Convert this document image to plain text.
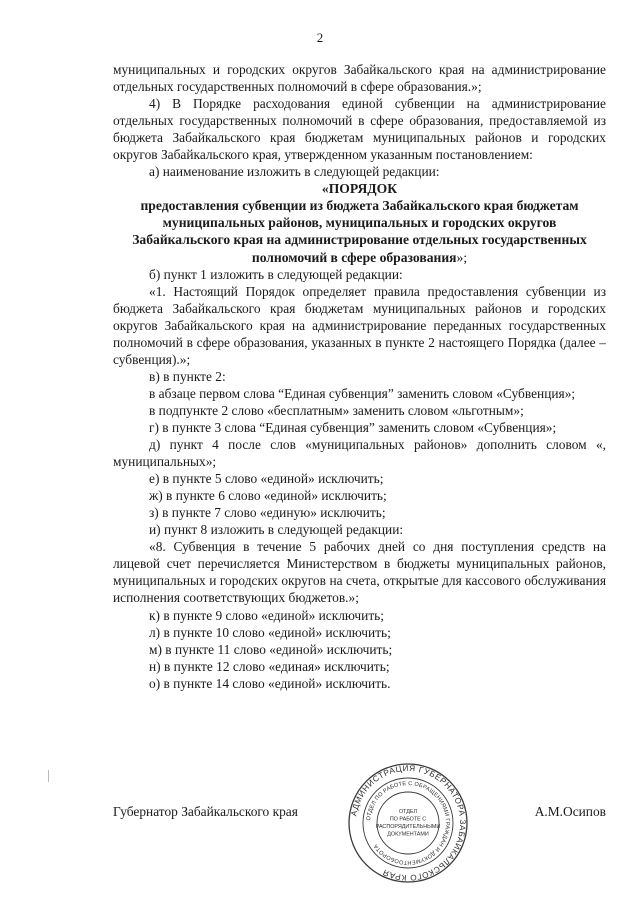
2

муниципальных и городских округов Забайкальского края на администрирование отдельных государственных полномочий в сфере образования.»;

4) В Порядке расходования единой субвенции на администрирование отдельных государственных полномочий в сфере образования, предоставляемой из бюджета Забайкальского края бюджетам муниципальных районов и городских округов Забайкальского края, утвержденном указанным постановлением:

а) наименование изложить в следующей редакции:

«ПОРЯДОК

предоставления субвенции из бюджета Забайкальского края бюджетам муниципальных районов, муниципальных и городских округов Забайкальского края на администрирование отдельных государственных полномочий в сфере образования»;

б) пункт 1 изложить в следующей редакции:

«1. Настоящий Порядок определяет правила предоставления субвенции из бюджета Забайкальского края бюджетам муниципальных районов и городских округов Забайкальского края на администрирование переданных государственных полномочий в сфере образования, указанных в пункте 2 настоящего Порядка (далее – субвенция).»;

в) в пункте 2:

в абзаце первом слова “Единая субвенция” заменить словом «Субвенция»;

в подпункте 2 слово «бесплатным» заменить словом «льготным»;

г) в пункте 3 слова “Единая субвенция” заменить словом «Субвенция»;

д) пункт 4 после слов «муниципальных районов» дополнить словом «, муниципальных»;

е) в пункте 5 слово «единой» исключить;

ж) в пункте 6 слово «единой» исключить;

з) в пункте 7 слово «единую» исключить;

и) пункт 8 изложить в следующей редакции:

«8. Субвенция в течение 5 рабочих дней со дня поступления средств на лицевой счет перечисляется Министерством в бюджеты муниципальных районов, муниципальных и городских округов на счета, открытые для кассового обслуживания исполнения соответствующих бюджетов.»;

к) в пункте 9 слово «единой» исключить;

л) в пункте 10 слово «единой» исключить;

м) в пункте 11 слово «единой» исключить;

н) в пункте 12 слово «единая» исключить;

о) в пункте 14 слово «единой» исключить.

Губернатор Забайкальского края	А.М.Осипов
АДМИНИСТРАЦИЯ ГУБЕРНАТОРА ЗАБАЙКАЛЬСКОГО КРАЯ
ОТДЕЛ ПО РАБОТЕ С ОБРАЩЕНИЯМИ ГРАЖДАН И ДОКУМЕНТООБОРОТА
ОТДЕЛ
ПО РАБОТЕ С
РАСПОРЯДИТЕЛЬНЫМИ
ДОКУМЕНТАМИ
